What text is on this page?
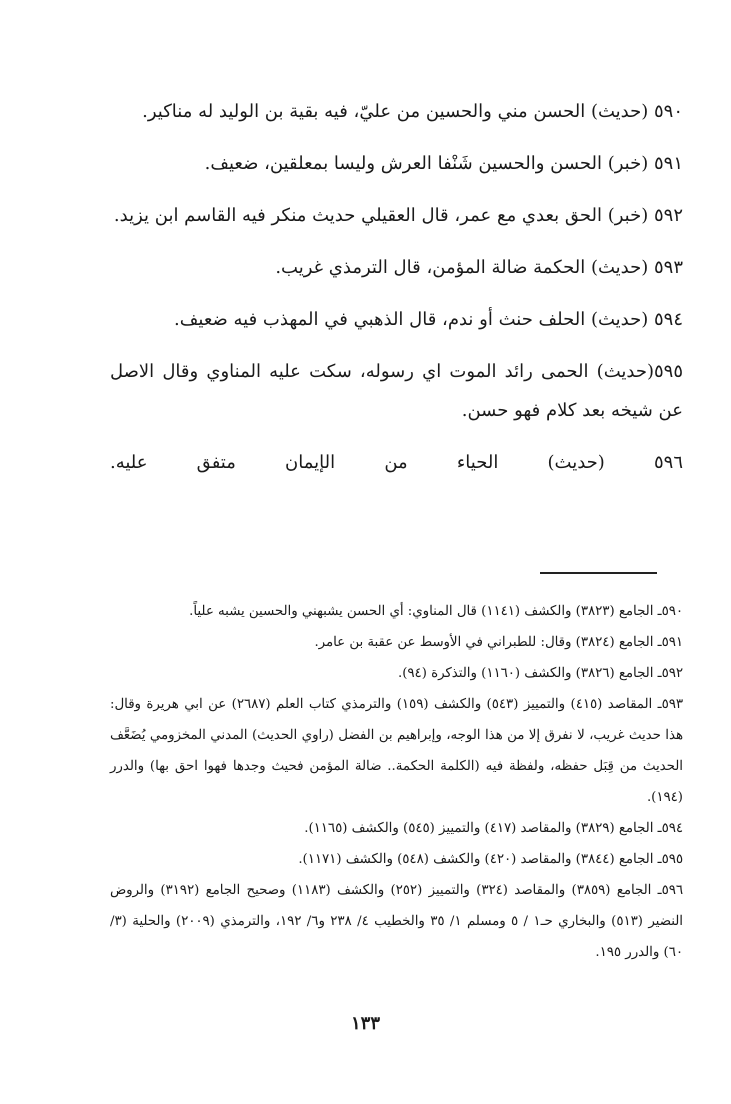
٥٩٠ (حديث) الحسن مني والحسين من عليّ، فيه بقية بن الوليد له مناكير.

٥٩١ (خبر) الحسن والحسين شَنْفا العرش وليسا بمعلقين، ضعيف.

٥٩٢ (خبر) الحق بعدي مع عمر، قال العقيلي حديث منكر فيه القاسم ابن يزيد.

٥٩٣ (حديث) الحكمة ضالة المؤمن، قال الترمذي غريب.

٥٩٤ (حديث) الحلف حنث أو ندم، قال الذهبي في المهذب فيه ضعيف.

٥٩٥(حديث) الحمى رائد الموت اي رسوله، سكت عليه المناوي وقال الاصل عن شيخه بعد كلام فهو حسن.

٥٩٦ (حديث) الحياء من الإيمان متفق عليه.

٥٩٠ـ الجامع (٣٨٢٣) والكشف (١١٤١) قال المناوي: أي الحسن يشبهني والحسين يشبه علياً.

٥٩١ـ الجامع (٣٨٢٤) وقال: للطبراني في الأوسط عن عقبة بن عامر.

٥٩٢ـ الجامع (٣٨٢٦) والكشف (١١٦٠) والتذكرة (٩٤).

٥٩٣ـ المقاصد (٤١٥) والتمييز (٥٤٣) والكشف (١٥٩) والترمذي كتاب العلم (٢٦٨٧) عن ابي هريرة وقال: هذا حديث غريب، لا نفرق إلا من هذا الوجه، وإبراهيم بن الفضل (راوي الحديث) المدني المخزومي يُضَعَّف الحديث من قِبَل حفظه، ولفظة فيه (الكلمة الحكمة.. ضالة المؤمن فحيث وجدها فهوا احق بها) والدرر (١٩٤).

٥٩٤ـ الجامع (٣٨٢٩) والمقاصد (٤١٧) والتمييز (٥٤٥) والكشف (١١٦٥).

٥٩٥ـ الجامع (٣٨٤٤) والمقاصد (٤٢٠) والكشف (٥٤٨) والكشف (١١٧١).

٥٩٦ـ الجامع (٣٨٥٩) والمقاصد (٣٢٤) والتمييز (٢٥٢) والكشف (١١٨٣) وصحيح الجامع (٣١٩٢) والروض النضير (٥١٣) والبخاري حـ١ / ٥ ومسلم ١/ ٣٥ والخطيب ٤/ ٢٣٨ و٦/ ١٩٢، والترمذي (٢٠٠٩) والحلية (٣/ ٦٠) والدرر ١٩٥.

١٣٣
